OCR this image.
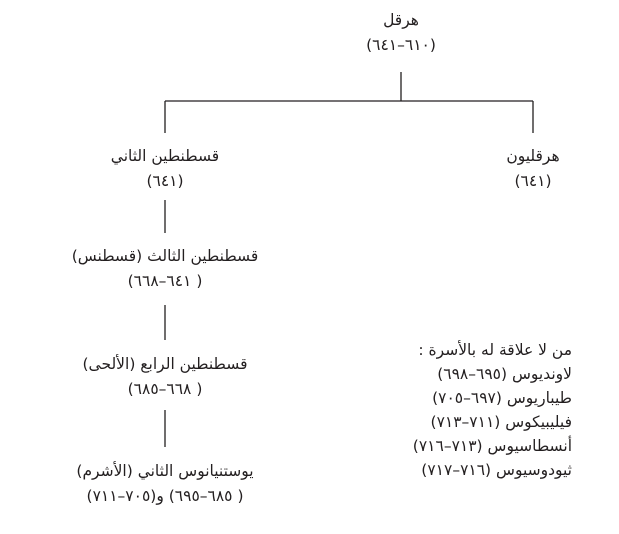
هرقل
(٦١٠–٦٤١)
هرقليون
(٦٤١)
قسطنطين الثاني
(٦٤١)
قسطنطين الثالث (قسطنس)
( ٦٤١–٦٦٨)
قسطنطين الرابع (الألحى)
( ٦٦٨–٦٨٥)
يوستنيانوس الثاني (الأشرم)
( ٦٨٥–٦٩٥) و(٧٠٥–٧١١)
من لا علاقة له بالأسرة :
لاونديوس (٦٩٥–٦٩٨)
طيباريوس (٦٩٧–٧٠٥)
فيليبيكوس (٧١١–٧١٣)
أنسطاسيوس (٧١٣–٧١٦)
ثيودوسيوس (٧١٦–٧١٧)
